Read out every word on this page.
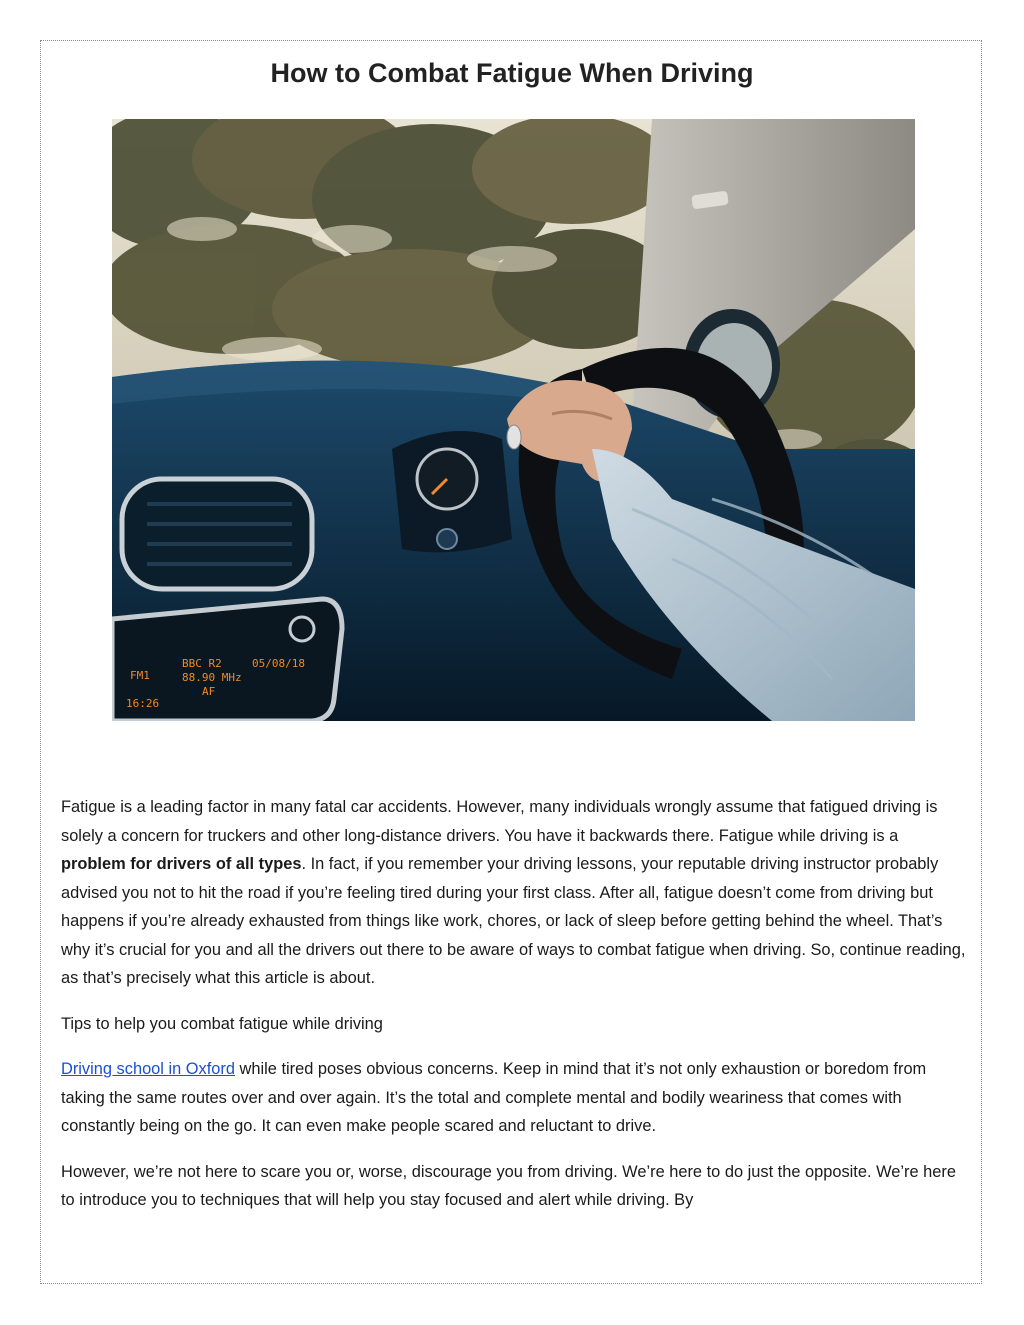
How to Combat Fatigue When Driving
FM1
BBC R2
88.90 MHz
AF
05/08/18
16:26

Fatigue is a leading factor in many fatal car accidents. However, many individuals wrongly assume that fatigued driving is solely a concern for truckers and other long-distance drivers. You have it backwards there. Fatigue while driving is a problem for drivers of all types. In fact, if you remember your driving lessons, your reputable driving instructor probably advised you not to hit the road if you’re feeling tired during your first class. After all, fatigue doesn’t come from driving but happens if you’re already exhausted from things like work, chores, or lack of sleep before getting behind the wheel. That’s why it’s crucial for you and all the drivers out there to be aware of ways to combat fatigue when driving. So, continue reading, as that’s precisely what this article is about.

Tips to help you combat fatigue while driving

Driving school in Oxford while tired poses obvious concerns. Keep in mind that it’s not only exhaustion or boredom from taking the same routes over and over again. It’s the total and complete mental and bodily weariness that comes with constantly being on the go. It can even make people scared and reluctant to drive.

However, we’re not here to scare you or, worse, discourage you from driving. We’re here to do just the opposite. We’re here to introduce you to techniques that will help you stay focused and alert while driving. By
